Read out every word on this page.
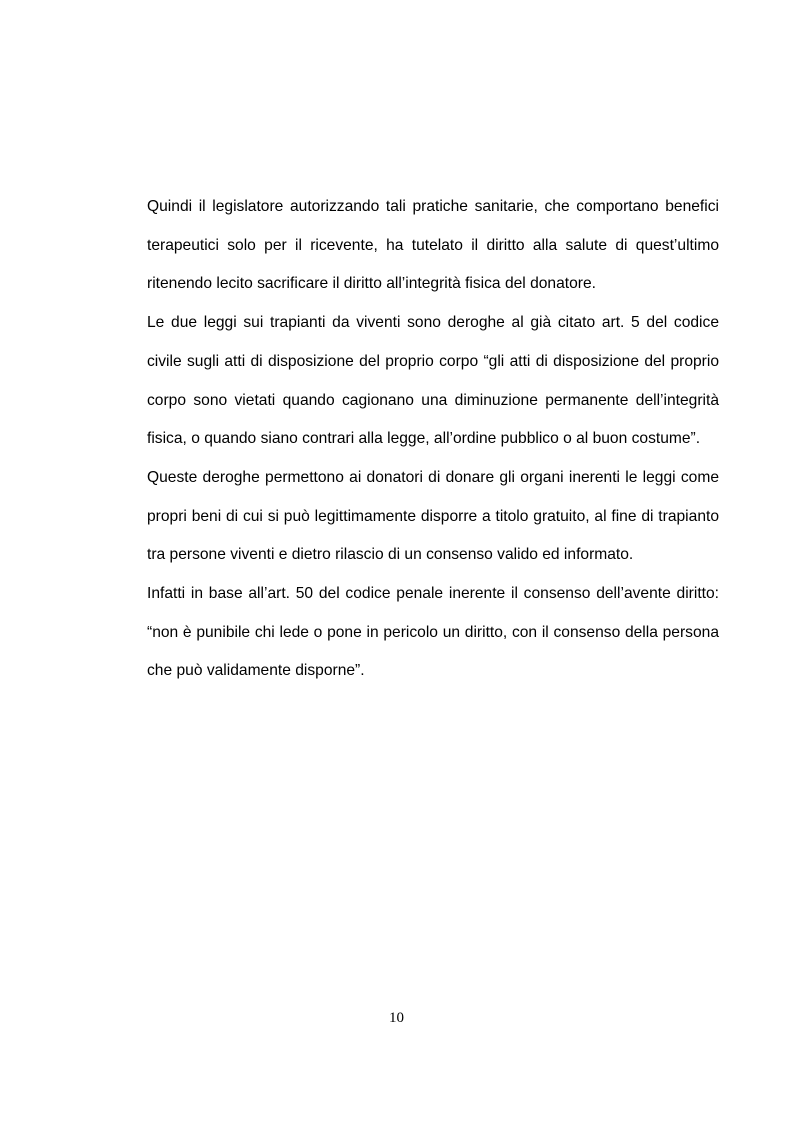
Quindi il legislatore autorizzando tali pratiche sanitarie, che comportano benefici terapeutici solo per il ricevente, ha tutelato il diritto alla salute di quest’ultimo ritenendo lecito sacrificare il diritto all’integrità fisica del donatore.

Le due leggi sui trapianti da viventi sono deroghe al già citato art. 5 del codice civile sugli atti di disposizione del proprio corpo “gli atti di disposizione del proprio corpo sono vietati quando cagionano una diminuzione permanente dell’integrità fisica, o quando siano contrari alla legge, all’ordine pubblico o al buon costume”.

Queste deroghe permettono ai donatori di donare gli organi inerenti le leggi come propri beni di cui si può legittimamente disporre a titolo gratuito, al fine di trapianto tra persone viventi e dietro rilascio di un consenso valido ed informato.

Infatti in base all’art. 50 del codice penale inerente il consenso dell’avente diritto: “non è punibile chi lede o pone in pericolo un diritto, con il consenso della persona che può validamente disporne”.

10
